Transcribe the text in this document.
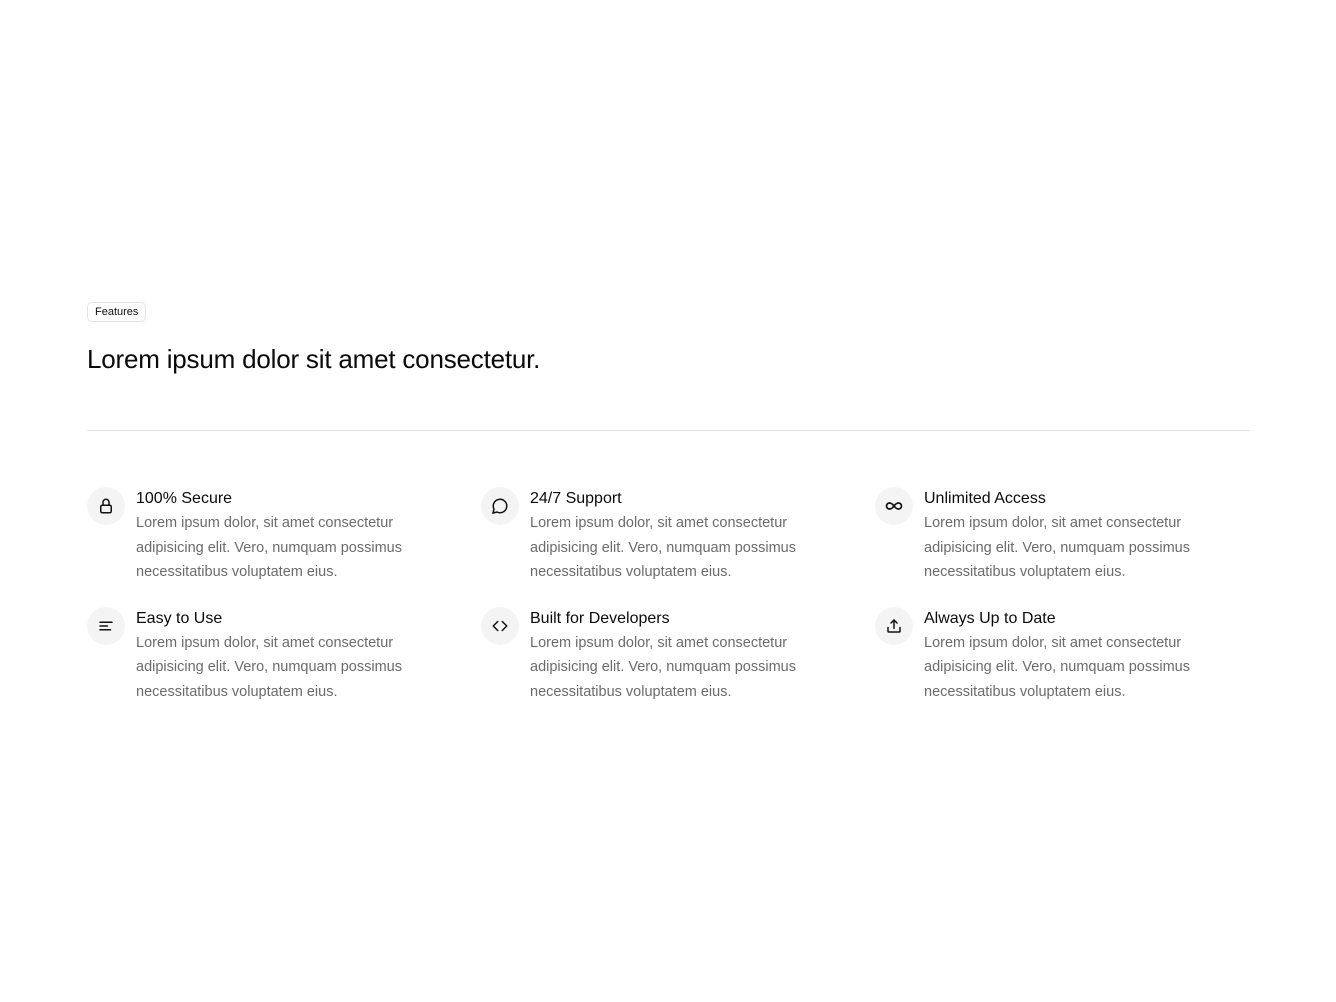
Features
Lorem ipsum dolor sit amet consectetur.
100% Secure
Lorem ipsum dolor, sit amet consectetur adipisicing elit. Vero, numquam possimus necessitatibus voluptatem eius.
24/7 Support
Lorem ipsum dolor, sit amet consectetur adipisicing elit. Vero, numquam possimus necessitatibus voluptatem eius.
Unlimited Access
Lorem ipsum dolor, sit amet consectetur adipisicing elit. Vero, numquam possimus necessitatibus voluptatem eius.
Easy to Use
Lorem ipsum dolor, sit amet consectetur adipisicing elit. Vero, numquam possimus necessitatibus voluptatem eius.
Built for Developers
Lorem ipsum dolor, sit amet consectetur adipisicing elit. Vero, numquam possimus necessitatibus voluptatem eius.
Always Up to Date
Lorem ipsum dolor, sit amet consectetur adipisicing elit. Vero, numquam possimus necessitatibus voluptatem eius.
